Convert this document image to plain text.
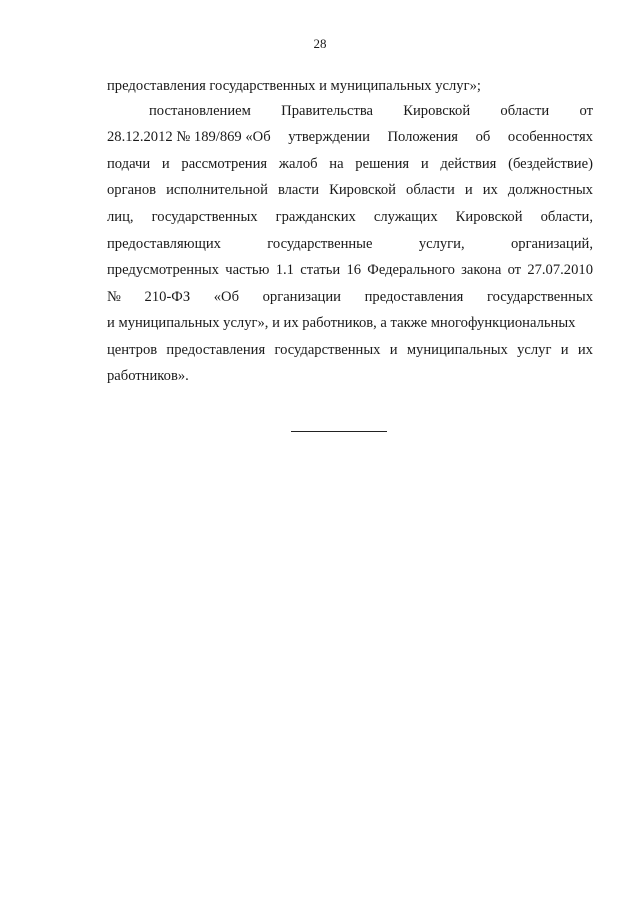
28
предоставления государственных и муниципальных услуг»;
постановлением Правительства Кировской области от
28.12.2012 № 189/869 «Об утверждении Положения об особенностях
подачи и рассмотрения жалоб на решения и действия (бездействие)
органов исполнительной власти Кировской области и их должностных
лиц, государственных гражданских служащих Кировской области,
предоставляющих	государственные	услуги,	организаций,
предусмотренных частью 1.1 статьи 16 Федерального закона от 27.07.2010
№ 210-ФЗ «Об организации предоставления государственных
и муниципальных услуг», и их работников, а также многофункциональных
центров предоставления государственных и муниципальных услуг и их
работников».
